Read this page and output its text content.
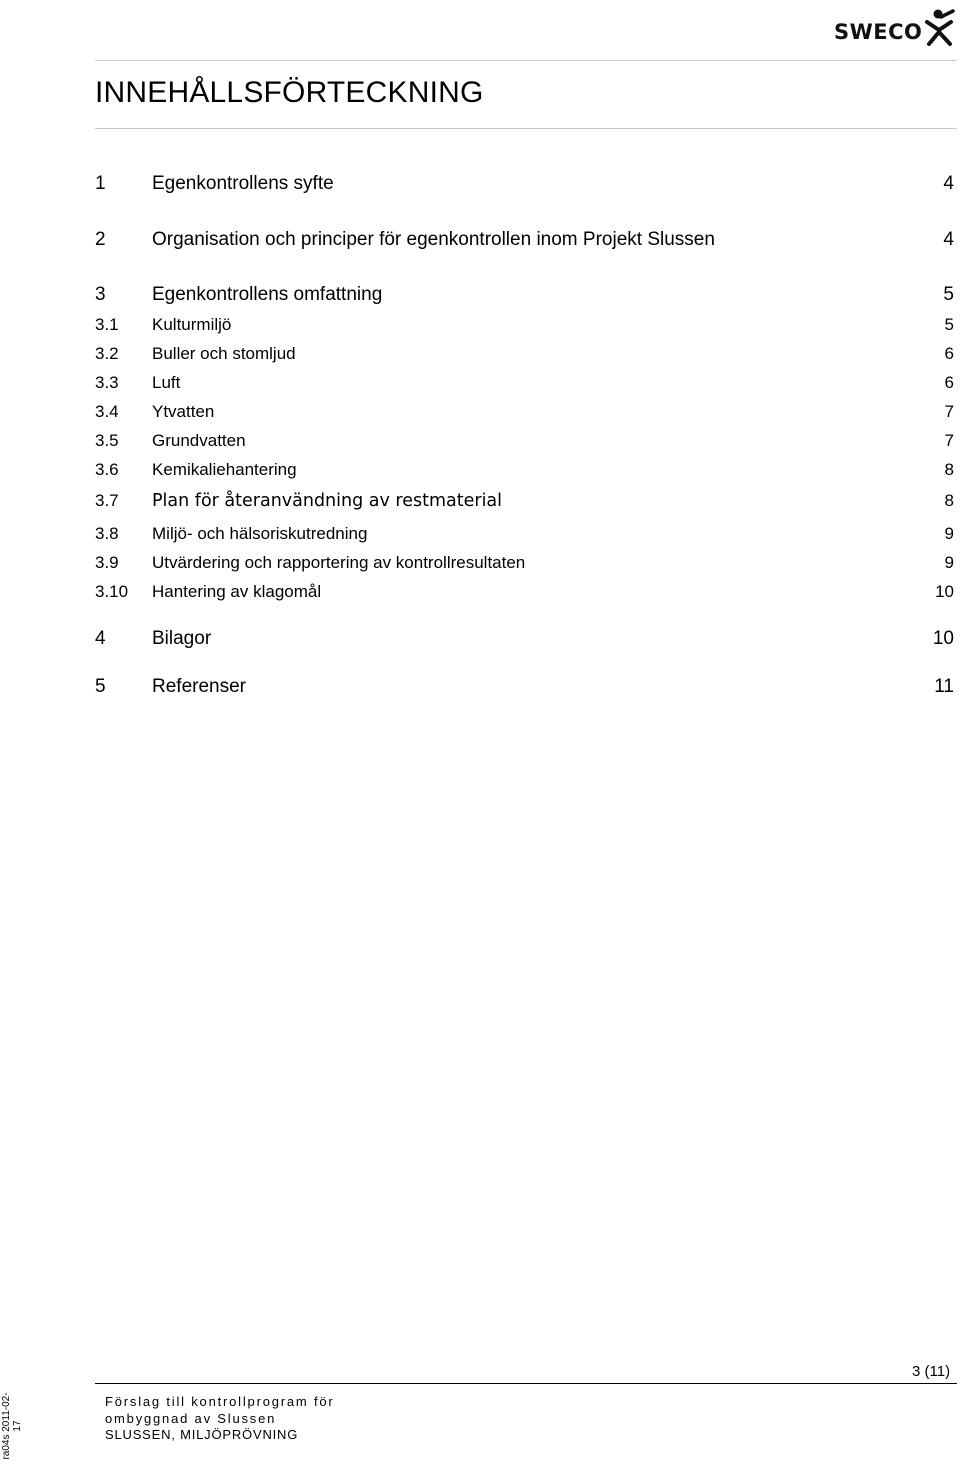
SWECO
INNEHÅLLSFÖRTECKNING
1 Egenkontrollens syfte	4
2 Organisation och principer för egenkontrollen inom Projekt Slussen	4
3 Egenkontrollens omfattning	5
3.1 Kulturmiljö	5
3.2 Buller och stomljud	6
3.3 Luft	6
3.4 Ytvatten	7
3.5 Grundvatten	7
3.6 Kemikaliehantering	8
3.7 Plan för återanvändning av restmaterial	8
3.8 Miljö- och hälsoriskutredning	9
3.9 Utvärdering och rapportering av kontrollresultaten	9
3.10 Hantering av klagomål	10
4 Bilagor	10
5 Referenser	11
3 (11)
Förslag till kontrollprogram för
ombyggnad av Slussen
SLUSSEN, MILJÖPRÖVNING
ra04s 2011-02-17
